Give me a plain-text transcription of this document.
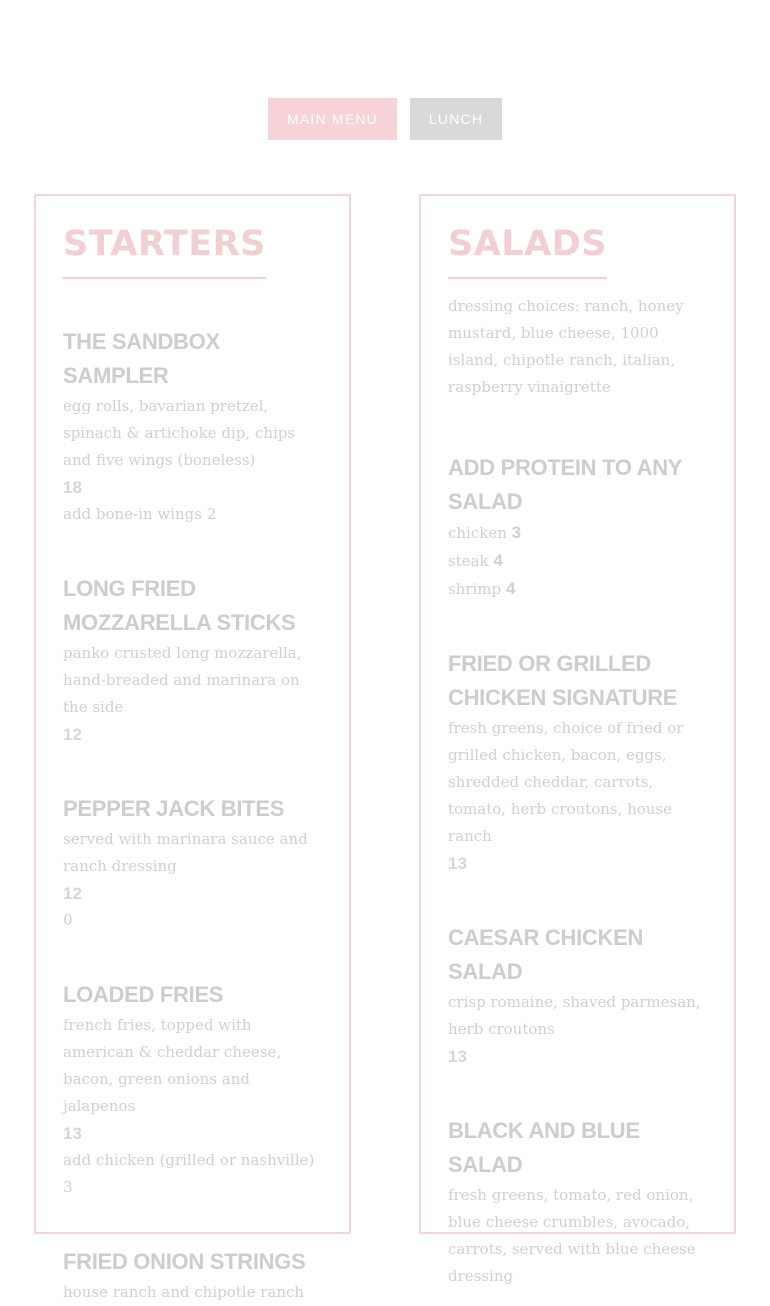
MAIN MENU	LUNCH
STARTERS
THE SANDBOX SAMPLER
egg rolls, bavarian pretzel, spinach & artichoke dip, chips and five wings (boneless)
18
add bone-in wings 2
LONG FRIED MOZZARELLA STICKS
panko crusted long mozzarella, hand-breaded and marinara on the side
12
PEPPER JACK BITES
served with marinara sauce and ranch dressing
12
0
LOADED FRIES
french fries, topped with american & cheddar cheese, bacon, green onions and jalapenos
13
add chicken (grilled or nashville) 3
FRIED ONION STRINGS
house ranch and chipotle ranch
SALADS
dressing choices: ranch, honey mustard, blue cheese, 1000 island, chipotle ranch, italian, raspberry vinaigrette
ADD PROTEIN TO ANY SALAD
chicken 3
steak 4
shrimp 4
FRIED OR GRILLED CHICKEN SIGNATURE
fresh greens, choice of fried or grilled chicken, bacon, eggs, shredded cheddar, carrots, tomato, herb croutons, house ranch
13
CAESAR CHICKEN SALAD
crisp romaine, shaved parmesan, herb croutons
13
BLACK AND BLUE SALAD
fresh greens, tomato, red onion, blue cheese crumbles, avocado, carrots, served with blue cheese dressing
